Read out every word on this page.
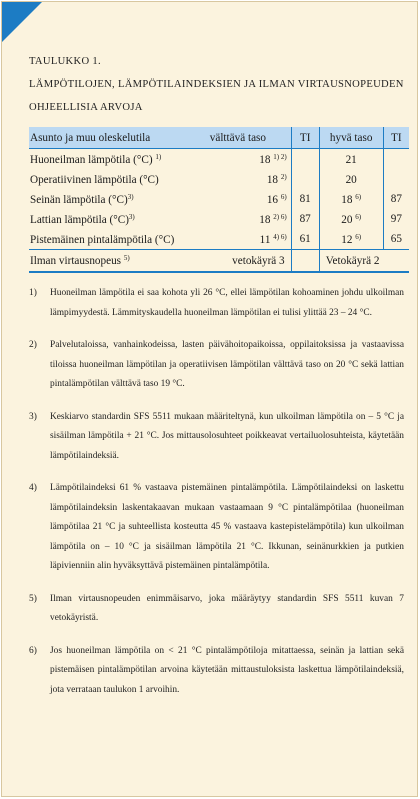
TAULUKKO 1.
LÄMPÖTILOJEN, LÄMPÖTILAINDEKSIEN JA ILMAN VIRTAUSNOPEUDEN
OHJEELLISIA ARVOJA
Asunto ja muu oleskelutila	välttävä taso	TI	hyvä taso	TI
Huoneilman lämpötila (°C) $^{1)}$	18 $^{1) 2)}$		21	
Operatiivinen lämpötila (°C)	18 $^{2)}$		20	
Seinän lämpötila $(^\circ C)^{3)}$	16 $^{6)}$	81	18 $^{6)}$	87
Lattian lämpötila $(^\circ C)^{3)}$	18 $^{2) 6)}$	87	20 $^{6)}$	97
Pistemäinen pintalämpötila (°C)	11 $^{4) 6)}$	61	12 $^{6)}$	65
Ilman virtausnopeus $^{5)}$	vetokäyrä 3		Vetokäyrä 2	
1) Huoneilman lämpötila ei saa kohota yli 26 °C, ellei lämpötilan kohoaminen johdu ulkoilman lämpimyydestä. Lämmityskaudella huoneilman lämpötilan ei tulisi ylittää 23 – 24 °C.
2) Palvelutaloissa, vanhainkodeissa, lasten päivähoitopaikoissa, oppilaitoksissa ja vastaavissa tiloissa huoneilman lämpötilan ja operatiivisen lämpötilan välttävä taso on 20 °C sekä lattian pintalämpötilan välttävä taso 19 °C.
3) Keskiarvo standardin SFS 5511 mukaan määriteltynä, kun ulkoilman lämpötila on – 5 °C ja sisäilman lämpötila + 21 °C. Jos mittausolosuhteet poikkeavat vertailuolosuhteista, käytetään lämpötilaindeksiä.
4) Lämpötilaindeksi 61 % vastaava pistemäinen pintalämpötila. Lämpötilaindeksi on laskettu lämpötilaindeksin laskentakaavan mukaan vastaamaan 9 °C pintalämpötilaa (huoneilman lämpötilaa 21 °C ja suhteellista kosteutta 45 % vastaava kastepistelämpötila) kun ulkoilman lämpötila on – 10 °C ja sisäilman lämpötila 21 °C. Ikkunan, seinänurkkien ja putkien läpivienniin alin hyväksyttävä pistemäinen pintalämpötila.
5) Ilman virtausnopeuden enimmäisarvo, joka määräytyy standardin SFS 5511 kuvan 7 vetokäyristä.
6) Jos huoneilman lämpötila on < 21 °C pintalämpötiloja mitattaessa, seinän ja lattian sekä pistemäisen pintalämpötilan arvoina käytetään mittaustuloksista laskettua lämpötilaindeksiä, jota verrataan taulukon 1 arvoihin.
